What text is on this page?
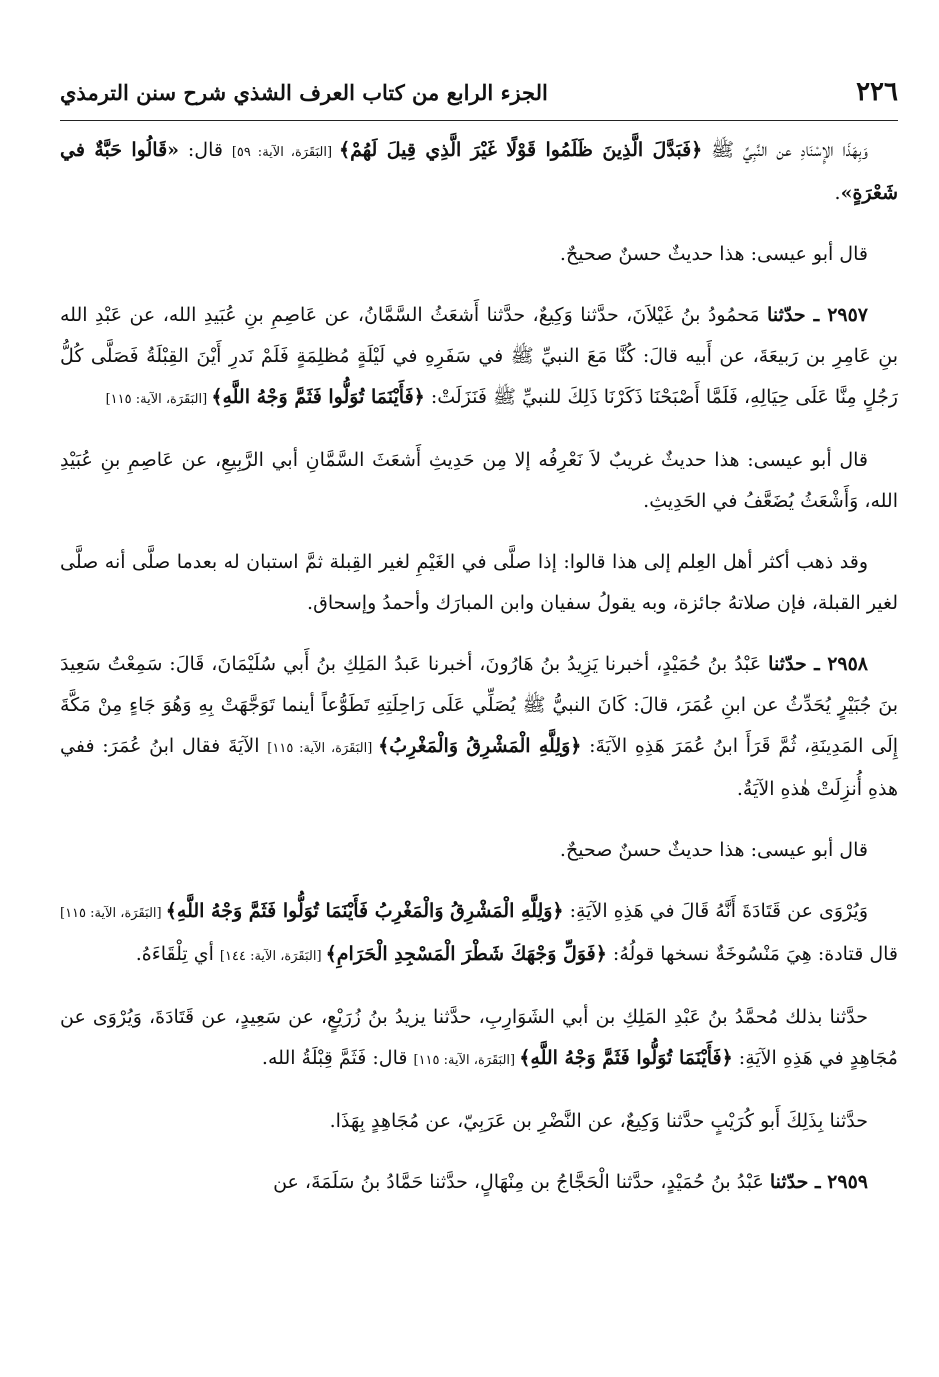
٢٢٦
الجزء الرابع من كتاب العرف الشذي شرح سنن الترمذي

وَبِهَذَا الإِسْنَادِ عن النَّبِيِّ ﷺ ﴿فَبَدَّلَ الَّذِينَ ظَلَمُوا قَوْلًا غَيْرَ الَّذِي قِيلَ لَهُمْ﴾ [البَقَرَة، الآية: ٥٩] قال: «قَالُوا حَبَّةٌ في شَعْرَةٍ».

قال أبو عيسى: هذا حديثٌ حسنٌ صحيحٌ.

٢٩٥٧ ـ حدّثنا مَحمُودُ بنُ غَيْلاَنَ، حدَّثنا وَكِيعٌ، حدَّثنا أَشعَثُ السَّمَّانُ، عن عَاصِمِ بنِ عُبَيدِ الله، عن عَبْدِ الله بنِ عَامِرِ بن رَبيعَةَ، عن أَبيه قالَ: كُنَّا مَعَ النبيِّ ﷺ في سَفَرِهِ في لَيْلَةٍ مُظلِمَةٍ فَلَمْ نَدرِ أَيْنَ القِبْلَةُ فَصَلَّى كُلُّ رَجُلٍ مِنَّا عَلَى حِيَالِهِ، فَلَمَّا أَصْبَحْنَا ذَكَرْنَا ذَلِكَ للنبيِّ ﷺ فَنَزَلَتْ: ﴿فَأَيْنَمَا تُوَلُّوا فَثَمَّ وَجْهُ اللَّهِ﴾ [البَقَرَة، الآية: ١١٥]

قال أبو عيسى: هذا حديثٌ غريبٌ لاَ نَعْرِفُه إلا مِن حَدِيثِ أَشعَثَ السَّمَّانِ أبي الرَّبِيعِ، عن عَاصِمِ بنِ عُبَيْدِ الله، وَأَشْعَثُ يُضَعَّفُ في الحَدِيثِ.

وقد ذهب أكثر أهل العِلم إلى هذا قالوا: إذا صلَّى في الغَيْمِ لغير القِبلة ثمَّ استبان له بعدما صلَّى أنه صلَّى لغير القبلة، فإن صلاتهُ جائزة، وبه يقولُ سفيان وابن المبارَك وأحمدُ وإسحاق.

٢٩٥٨ ـ حدّثنا عَبْدُ بنُ حُمَيْدٍ، أخبرنا يَزِيدُ بنُ هَارُونَ، أخبرنا عَبدُ المَلِكِ بنُ أَبي سُلَيْمَانَ، قَالَ: سَمِعْتُ سَعِيدَ بنَ جُبَيْرٍ يُحَدِّثُ عن ابنِ عُمَرَ، قالَ: كَانَ النبيُّ ﷺ يُصَلِّي عَلَى رَاحِلَتِهِ تَطَوُّعاً أينما تَوَجَّهَتْ بِهِ وَهُوَ جَاءٍ مِنْ مَكَّةَ إِلَى المَدِينَةِ، ثُمَّ قَرَأَ ابنُ عُمَرَ هَذِهِ الآيَةَ: ﴿وَلِلَّهِ الْمَشْرِقُ وَالْمَغْرِبُ﴾ [البَقَرَة، الآية: ١١٥] الآيَةَ فقال ابنُ عُمَرَ: ففي هذهِ أُنزِلَتْ هٰذهِ الآيَةُ.

قال أبو عيسى: هذا حديثٌ حسنٌ صحيحٌ.

وَيُرْوَى عن قَتَادَةَ أَنَّهُ قَالَ في هَذِهِ الآيَةِ: ﴿وَلِلَّهِ الْمَشْرِقُ وَالْمَغْرِبُ فَأَيْنَمَا تُوَلُّوا فَثَمَّ وَجْهُ اللَّهِ﴾ [البَقَرَة، الآية: ١١٥] قال قتادة: هِيَ مَنْسُوخَةٌ نسخها قولُهُ: ﴿فَوَلِّ وَجْهَكَ شَطْرَ الْمَسْجِدِ الْحَرَامِ﴾ [البَقَرَة، الآية: ١٤٤] أي تِلْقَاءَهُ.

حدَّثنا بذلك مُحمَّدُ بنُ عَبْدِ المَلِكِ بن أبي الشَوَارِبِ، حدَّثنا يزيدُ بنُ زُرَيْعٍ، عن سَعِيدٍ، عن قَتَادَةَ، وَيُرْوَى عن مُجَاهِدٍ في هَذِهِ الآيَةِ: ﴿فَأَيْنَمَا تُوَلُّوا فَثَمَّ وَجْهُ اللَّهِ﴾ [البَقَرَة، الآية: ١١٥] قال: فَثَمَّ قِبْلَةُ الله.

حدَّثنا بِذَلِكَ أَبو كُرَيْبٍ حدَّثنا وَكِيعٌ، عن النَّضْرِ بن عَرَبِيّ، عن مُجَاهِدٍ بِهَذَا.

٢٩٥٩ ـ حدّثنا عَبْدُ بنُ حُمَيْدٍ، حدَّثنا الْحَجَّاجُ بن مِنْهَالٍ، حدَّثنا حَمَّادُ بنُ سَلَمَةَ، عن
